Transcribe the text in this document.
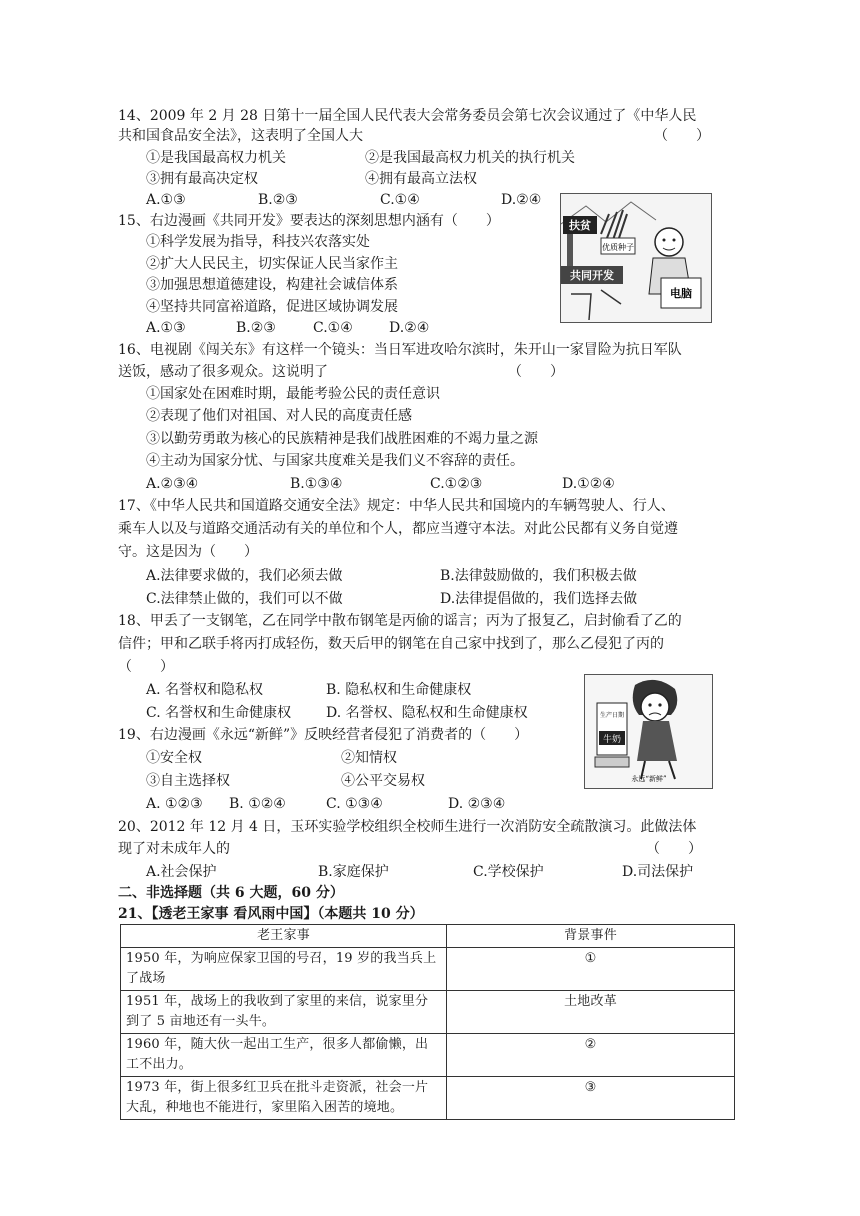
14、2009 年 2 月 28 日第十一届全国人民代表大会常务委员会第七次会议通过了《中华人民
共和国食品安全法》，这表明了全国人大	（　　）
①是我国最高权力机关	②是我国最高权力机关的执行机关
③拥有最高决定权	④拥有最高立法权
A.①③	B.②③	C.①④	D.②④
15、右边漫画《共同开发》要表达的深刻思想内涵有（　　）
①科学发展为指导，科技兴农落实处
②扩大人民民主，切实保证人民当家作主
③加强思想道德建设，构建社会诚信体系
④坚持共同富裕道路，促进区域协调发展
A.①③	B.②③	C.①④	D.②④
扶贫
优质种子
共同开发
电脑
16、电视剧《闯关东》有这样一个镜头：当日军进攻哈尔滨时，朱开山一家冒险为抗日军队
送饭，感动了很多观众。这说明了	（　　）
①国家处在困难时期，最能考验公民的责任意识
②表现了他们对祖国、对人民的高度责任感
③以勤劳勇敢为核心的民族精神是我们战胜困难的不竭力量之源
④主动为国家分忧、与国家共度难关是我们义不容辞的责任。
A.②③④	B.①③④	C.①②③	D.①②④
17、《中华人民共和国道路交通安全法》规定：中华人民共和国境内的车辆驾驶人、行人、
乘车人以及与道路交通活动有关的单位和个人，都应当遵守本法。对此公民都有义务自觉遵
守。这是因为（　　）
A.法律要求做的，我们必须去做	B.法律鼓励做的，我们积极去做
C.法律禁止做的，我们可以不做	D.法律提倡做的，我们选择去做
18、甲丢了一支钢笔，乙在同学中散布钢笔是丙偷的谣言；丙为了报复乙，启封偷看了乙的
信件；甲和乙联手将丙打成轻伤，数天后甲的钢笔在自己家中找到了，那么乙侵犯了丙的
（　　）
A. 名誉权和隐私权	B. 隐私权和生命健康权
C. 名誉权和生命健康权 D. 名誉权、隐私权和生命健康权	生产日期
牛奶
永远“新鲜”
19、右边漫画《永远“新鲜”》反映经营者侵犯了消费者的（　　）
①安全权	②知情权
③自主选择权	④公平交易权
A. ①②③ B. ①②④	C. ①③④	D. ②③④
20、2012 年 12 月 4 日，玉环实验学校组织全校师生进行一次消防安全疏散演习。此做法体
现了对未成年人的	（　　）
A.社会保护	B.家庭保护	C.学校保护	D.司法保护
二、非选择题（共 6 大题，60 分）
21、【透老王家事 看风雨中国】（本题共 10 分）
老王家事	背景事件
1950 年，为响应保家卫国的号召，19 岁的我当兵上了战场	①
1951 年，战场上的我收到了家里的来信，说家里分到了 5 亩地还有一头牛。	土地改革
1960 年，随大伙一起出工生产，很多人都偷懒，出工不出力。	②
1973 年，街上很多红卫兵在批斗走资派，社会一片大乱，种地也不能进行，家里陷入困苦的境地。	③
